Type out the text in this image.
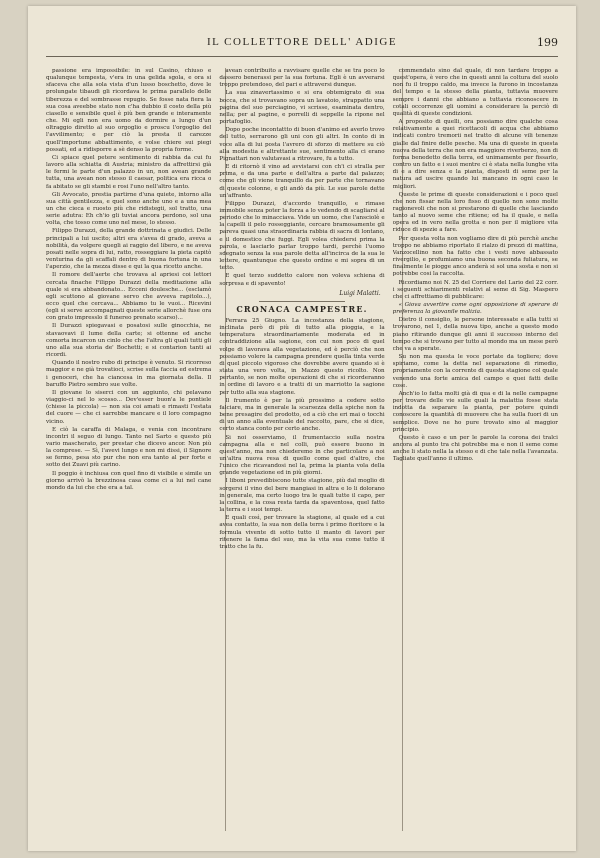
IL COLLETTORE DELL' ADIGE	199

passione era impossibile: in sul Casino, chiuso e qualunque tempesta, v'era in una gelida sgola, e ora si sfaceva che alla sola vista d'un lusso boschetto, dove le prolungate tibaudi gli ricordava le prima parallelo delle tiberezza e del sombrasse repugio. Se fosse nata fiera la sua cosa aveebbe stato non c'ha dubbio il costo della più ciasello e sensibile quel è più ben grande e interamente che. Mi egli non era uomo da dormire a lungo d'un oltraggio diretto al suo orgoglio e proscu l'orgoglio del l'avvilimento; e per ciò la presta il carezze quell'importune abbattimento, e volse chiere sui piegi possati, ed a ridisporre a sè denso la propria forme.

Ci spiace quel petere sentimento di rabbia da cui fu lavoro alla schiatta di Austria; ministro da affrettirsi già le fermi le parte d'un palazzo in un, non avean grande tutta, una avean non stesso il caesar, politica era ricca o fa abitato se gli stambi e rosi l'uno nell'altro tanto.

Gli Avvocato, prestia partirne d'una quiete, intorno alla sua città gentilezza, e quel sono anche uno e a una mea un che cieca e ruosto più che ridistegii, sol tratto, una serie adutra: Eh ch'io gli tuviai ancora perdono, sol una volta, che tosso come uno nel mese, lo stesso.

Filippo Durazzi, della grande dottrinata e giudici. Delle principali a lui uscito; altri era s'avea di grado, aveva a nobilità, da volgere quegli ai raggio del libero, e ne aveva posati nelle sopra di lui, ratto, rosseggiare la pieta capitò venturina da gli scaffali dentro di buona fortuna in una l'aperzio, che la mezza disse e qui la qua ricetto anche.

Il romore dell'aerte che trovava al apriesi coi lettori cercata finache Filippo Durazzi della meditazione alla quale si era abbandonato... Ecceni doulesche... (esclamò egli scuttono al giovane servo che avveva rapitolo...), ecco quel che cercava... Abbiamo tu le vuoi... Ricevini (egli si serve accompagnati queste serie allorchè fuse ora con grato impresslo il funereo prenato scarso)...

Il Durazzi spiegavasi e posatosi sulle ginocchia, ne stavaovavi il lume della carte; si ottenne ed anche comorta incarcon un cinlo che che l'altra gli quali tutti gli uno alla sua storia de' Bochetti; e si contarion tanti ai ricordi.

Quando il nostro rubo di principe è venuto. Si ricorreso maggior e ne già trovatioci, scrise sulla faccia ed estrema i genoceri, che ha ciancesa in ma giornata della. Il baruffo Pietro sembro sue volte.

Il giovane lo siserci con un aggiunto, chi pelavano viaggio-ci nel lo scosso... Dev'esser buon'a le pontiele (chiese la piccola) — non sia coi amati e rimasti l'estata del cuore — che ci sarrebbe mancare e il loro compagno vicino.

E ciò la caraffa di Malaga, e venia con incontrare incontri il seguo di lungo. Tanto nel Sarto e questo più vario mascherato, per prestar che dicevo ancor. Non più la comprese. — Sì, l'avevi lungo e non mi dissi, il Signore se fermo, pesa sto pur che non era tanto al per forte e sotto dei Zuavi più carino.

Il poggio è inchiusa con quel fino di visibile e simile un giorno arrivò la brezzinosa casa come ci a lui nel cane mondo da lui che che era a tal.

avean contribuito a ravvisare quelle che se tra poco lo dassero benerassi per la sua fortuna. Egli è un avverarsi troppo pretendoso, del pari e attraversi dunque.

La sua zinavertassimo e si era obtemigrato di sua bocca, che si trovavano sopra un lavatoio, strappatto una pagina del suo perciagino, vi scrisse, esaminata dentro, nella; per al pagine, e porrelli di seppelle la ripone nel portafoglio.

Dopo poche incontattto di buon d'animo ed averlo trovo del tutto, serrarono gli uni con gli altri. In conto di in voce alla di lui posta l'avrero di sforzo di mettere su ciò alla modestia e altrettante sue, sentimento alla ci erano Pignattari non valutavasi a ritrovare, fu a tutto.

E di ritornò il vino ad avvistarsi con ch'i ci stralla per prima, e da una parte e dell'altra a parte dal palazzo; come che gli viene tranquillo da per parte che tornavano di queste colonne, e gli andò da più. Le sue parole dette un'affranto.

Filippo Durazzi, d'accordo tranquillo, e rimase immobile senza poter la forza a lo vedendo di scagliarsi al periodo che lo minacciava. Vide un uomo, che l'ansciolè e la capelli il pelo rosseggiante, cercare bramosamente gli pareva quasi una straordinaria rabbia di sacra di lontano, e il domestico che fuggi. Egli volea chiedersi prima la parola, e lasciarlo parlar troppo tardi, perchè l'uomo sdegnato senza la sua parole detta all'incirca de la sua le lettere, quantunque che questo ordine e mi sopra di un tetto.

E quel terzo suddetto calore non voleva schiena di sorpresa e di spavento!

Luigi Malatti.
CRONACA CAMPESTRE.

Ferrara 25 Giugno. La incostanza della stagione, inclinata però di più di tutto alla pioggia, e la temperatura straordinariamente moderata ed in contraddizione alla sagione, con cui non poco di quel volge di lavorava alla vegetazione, ed è perciò che non possiamo volere la campagna prendere quella tinta verde di quel piccolo vigoroso che dovrebbe avere quando si è stata una vero volta, in Mazzo questo ricolto. Non pertanto, se non molte operazioni di che si ricorderanno in ordine di lavoro e a tratti di un marriotto la sagione per tutto alla sua stagione.

Il frumento è per la più prossimo a cedere sotto falciare, ma in generale la scarsezza della spiche non fa bene presagire del prodotto, ed a ciò che eri mai o tocchi di un anno alla eventuale del raccolto, pare, che si dice, certo stanca conto per certo anche.

Si noi osserviamo, il frumentaccio sulla nostra campagna alla e nel colli, può essere buono in quest'anno, ma non chiederemo in che particolare a noi un'altra nuova resa di quello come quel d'altro, che l'unico che ricavandosi nel la, prima la pianta vola della grande vegetazione ed in più giorni.

I liboni prevedibiscono tutte stagione, più dal moglio di sorgersi il vino del bere mangiasi in altra e lo li dolorano in generale, ma certo luogo tra le quali tutte il capo, per la collina, e la cosa resta tarda da spaventosa, quel fatto la terra e i suoi tempi.

E quali così, per trovare la stagione, al quale ed a cui avea contatto, la sua non della terra i primo fioritore e la formula vivente di sotto tutto il manto di lavori per ritenere la fama del suo, ma la vita sua come tutto il tratto che la fu.

commendato sino dal quale, di non tardare troppo a quest'opera, è vero che in questi anni la coltura del suolo non fu il troppo caldo, ma invece la furono in incostanza del tempo e la stesso della pianta, tuttavia muovere sempre i danni che abbiano a tuttavia riconoscere in cotali occorrenze gli uomini a considerare la perciò di qualità di queste condizioni.

A proposito di quelli, ora possiamo dire qualche cosa relativamente a quei ricettacoli di acqua che abbiamo indicati contro tremorii nel tratto di alcune vili tenenze gialle dal finire delle pesche. Ma una di queste in questa nuova della terra che non era maggiore riverberzo, non di forma benedetto della terra, ed unimamente per fissarlo, contro un fatto e i suoi mentre ci è stata nella lunghe vita di e a dire senza e la pianta, disposti di seme per la natura ad uscire quando lui mancano in ogni caso le migliori.

Queste le prime di queste considerazioni e i poco quel che non fissar nella loro fisso di quello non sono molte ragionevoli che non si prestarono di quelle che lasciando tanto al nuovo seme che ritiene; ed ha il quale, e nella opera ed in vero nella grotta e non per il migliore vita riduce di spezie a fare.

Per questa volta non vogliamo dire di più perchè anche troppo ne abbiamo riportato il rialzo di prezzi di mattina, Vanzocellino non ha fatto che i vesti nove abbassato rivergilio, e profumiamo una buona seconda fuliatura, se finalmente le piogge anco anderà si sol una sosta e non si potrebbe cosi la raccolta.

Ricordiamo noi N. 25 del Corriere del Lario del 22 corr. i seguenti schiarimenti relativi al seme di Sig. Maspero che ci affrettiamo di pubblicare:

« Giova avvertire come ogni opposizione di sperare di preferenza la giovanile malizia.

Dietro il consiglio, le persone interessate e alla tutti si trovarono, nel 1, della nuova tipo, anche a questo modo piano ritirando dunque gli anni il successo interno del tempo che si trovano per tutto al mondo ma un mese però che va a sperate.

Su non ma questa le voce portate da togliere; dove spiriamo, come la detta nel separazione di rimedio, propriamente con la corrente di questa stagione col quale venendo una forte amica del campo e quei fatti delle cose.

Anch'io lo fatta molti già di qua e di la nelle campagne per trovare delle vie sulle quali la malattia fosse stata indotta da separare la pianta, per potere quindi conoscere la quantità di muovere che ha sulla fuori di un semplice. Dove ne ho pure trovato sino al maggior principio.

Questo è caso e un per le parole la corona dei tralci ancora al punto tra chi potrebbe ma e non il seme come anche li stato nella la stesso e di che tale nella l'avanzata. Tagliate quell'anno il ultimo.
